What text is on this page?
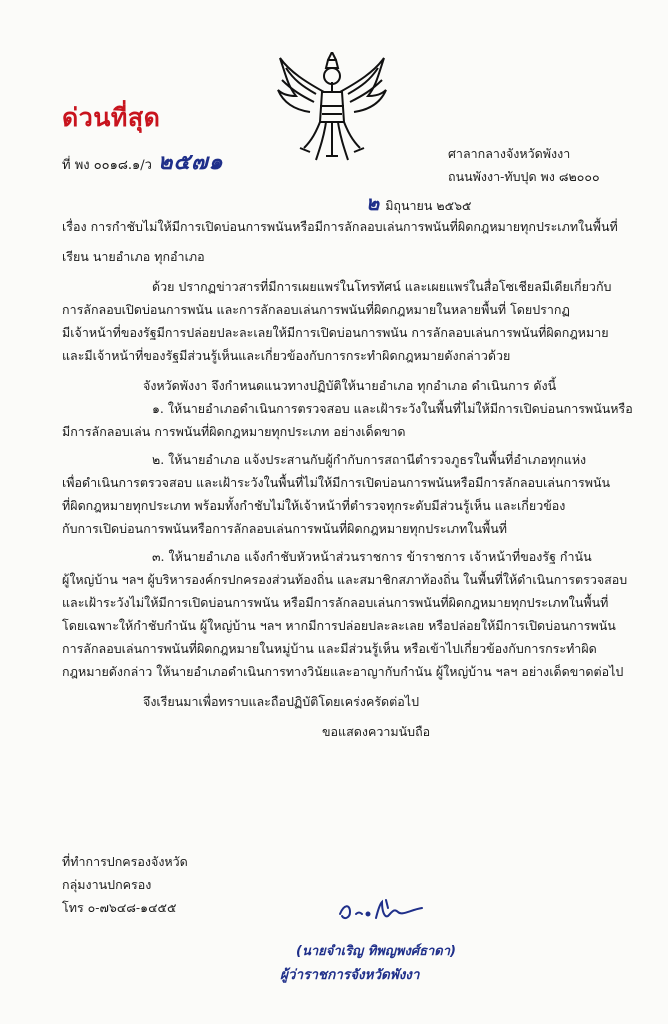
ด่วนที่สุด
ที่ พง ๐๐๑๘.๑/ว ๒๕๗๑	ศาลากลางจังหวัดพังงา
ถนนพังงา-ทับปุด พง ๘๒๐๐๐
๒ มิถุนายน ๒๕๖๕
เรื่อง การกำชับไม่ให้มีการเปิดบ่อนการพนันหรือมีการลักลอบเล่นการพนันที่ผิดกฎหมายทุกประเภทในพื้นที่
เรียน นายอำเภอ ทุกอำเภอ
ด้วย ปรากฏข่าวสารที่มีการเผยแพร่ในโทรทัศน์ และเผยแพร่ในสื่อโซเชียลมีเดียเกี่ยวกับ
การลักลอบเปิดบ่อนการพนัน และการลักลอบเล่นการพนันที่ผิดกฎหมายในหลายพื้นที่ โดยปรากฏ
มีเจ้าหน้าที่ของรัฐมีการปล่อยปละละเลยให้มีการเปิดบ่อนการพนัน การลักลอบเล่นการพนันที่ผิดกฎหมาย
และมีเจ้าหน้าที่ของรัฐมีส่วนรู้เห็นและเกี่ยวข้องกับการกระทำผิดกฎหมายดังกล่าวด้วย
จังหวัดพังงา จึงกำหนดแนวทางปฏิบัติให้นายอำเภอ ทุกอำเภอ ดำเนินการ ดังนี้
๑. ให้นายอำเภอดำเนินการตรวจสอบ และเฝ้าระวังในพื้นที่ไม่ให้มีการเปิดบ่อนการพนันหรือ
มีการลักลอบเล่น การพนันที่ผิดกฎหมายทุกประเภท อย่างเด็ดขาด
๒. ให้นายอำเภอ แจ้งประสานกับผู้กำกับการสถานีตำรวจภูธรในพื้นที่อำเภอทุกแห่ง
เพื่อดำเนินการตรวจสอบ และเฝ้าระวังในพื้นที่ไม่ให้มีการเปิดบ่อนการพนันหรือมีการลักลอบเล่นการพนัน
ที่ผิดกฎหมายทุกประเภท พร้อมทั้งกำชับไม่ให้เจ้าหน้าที่ตำรวจทุกระดับมีส่วนรู้เห็น และเกี่ยวข้อง
กับการเปิดบ่อนการพนันหรือการลักลอบเล่นการพนันที่ผิดกฎหมายทุกประเภทในพื้นที่
๓. ให้นายอำเภอ แจ้งกำชับหัวหน้าส่วนราชการ ข้าราชการ เจ้าหน้าที่ของรัฐ กำนัน
ผู้ใหญ่บ้าน ฯลฯ ผู้บริหารองค์กรปกครองส่วนท้องถิ่น และสมาชิกสภาท้องถิ่น ในพื้นที่ให้ดำเนินการตรวจสอบ
และเฝ้าระวังไม่ให้มีการเปิดบ่อนการพนัน หรือมีการลักลอบเล่นการพนันที่ผิดกฎหมายทุกประเภทในพื้นที่
โดยเฉพาะให้กำชับกำนัน ผู้ใหญ่บ้าน ฯลฯ หากมีการปล่อยปละละเลย หรือปล่อยให้มีการเปิดบ่อนการพนัน
การลักลอบเล่นการพนันที่ผิดกฎหมายในหมู่บ้าน และมีส่วนรู้เห็น หรือเข้าไปเกี่ยวข้องกับการกระทำผิด
กฎหมายดังกล่าว ให้นายอำเภอดำเนินการทางวินัยและอาญากับกำนัน ผู้ใหญ่บ้าน ฯลฯ อย่างเด็ดขาดต่อไป
จึงเรียนมาเพื่อทราบและถือปฏิบัติโดยเคร่งครัดต่อไป
ขอแสดงความนับถือ
(นายจำเริญ ทิพญพงศ์ธาดา)
ผู้ว่าราชการจังหวัดพังงา
ที่ทำการปกครองจังหวัด
กลุ่มงานปกครอง
โทร ๐-๗๖๔๘-๑๔๕๕
